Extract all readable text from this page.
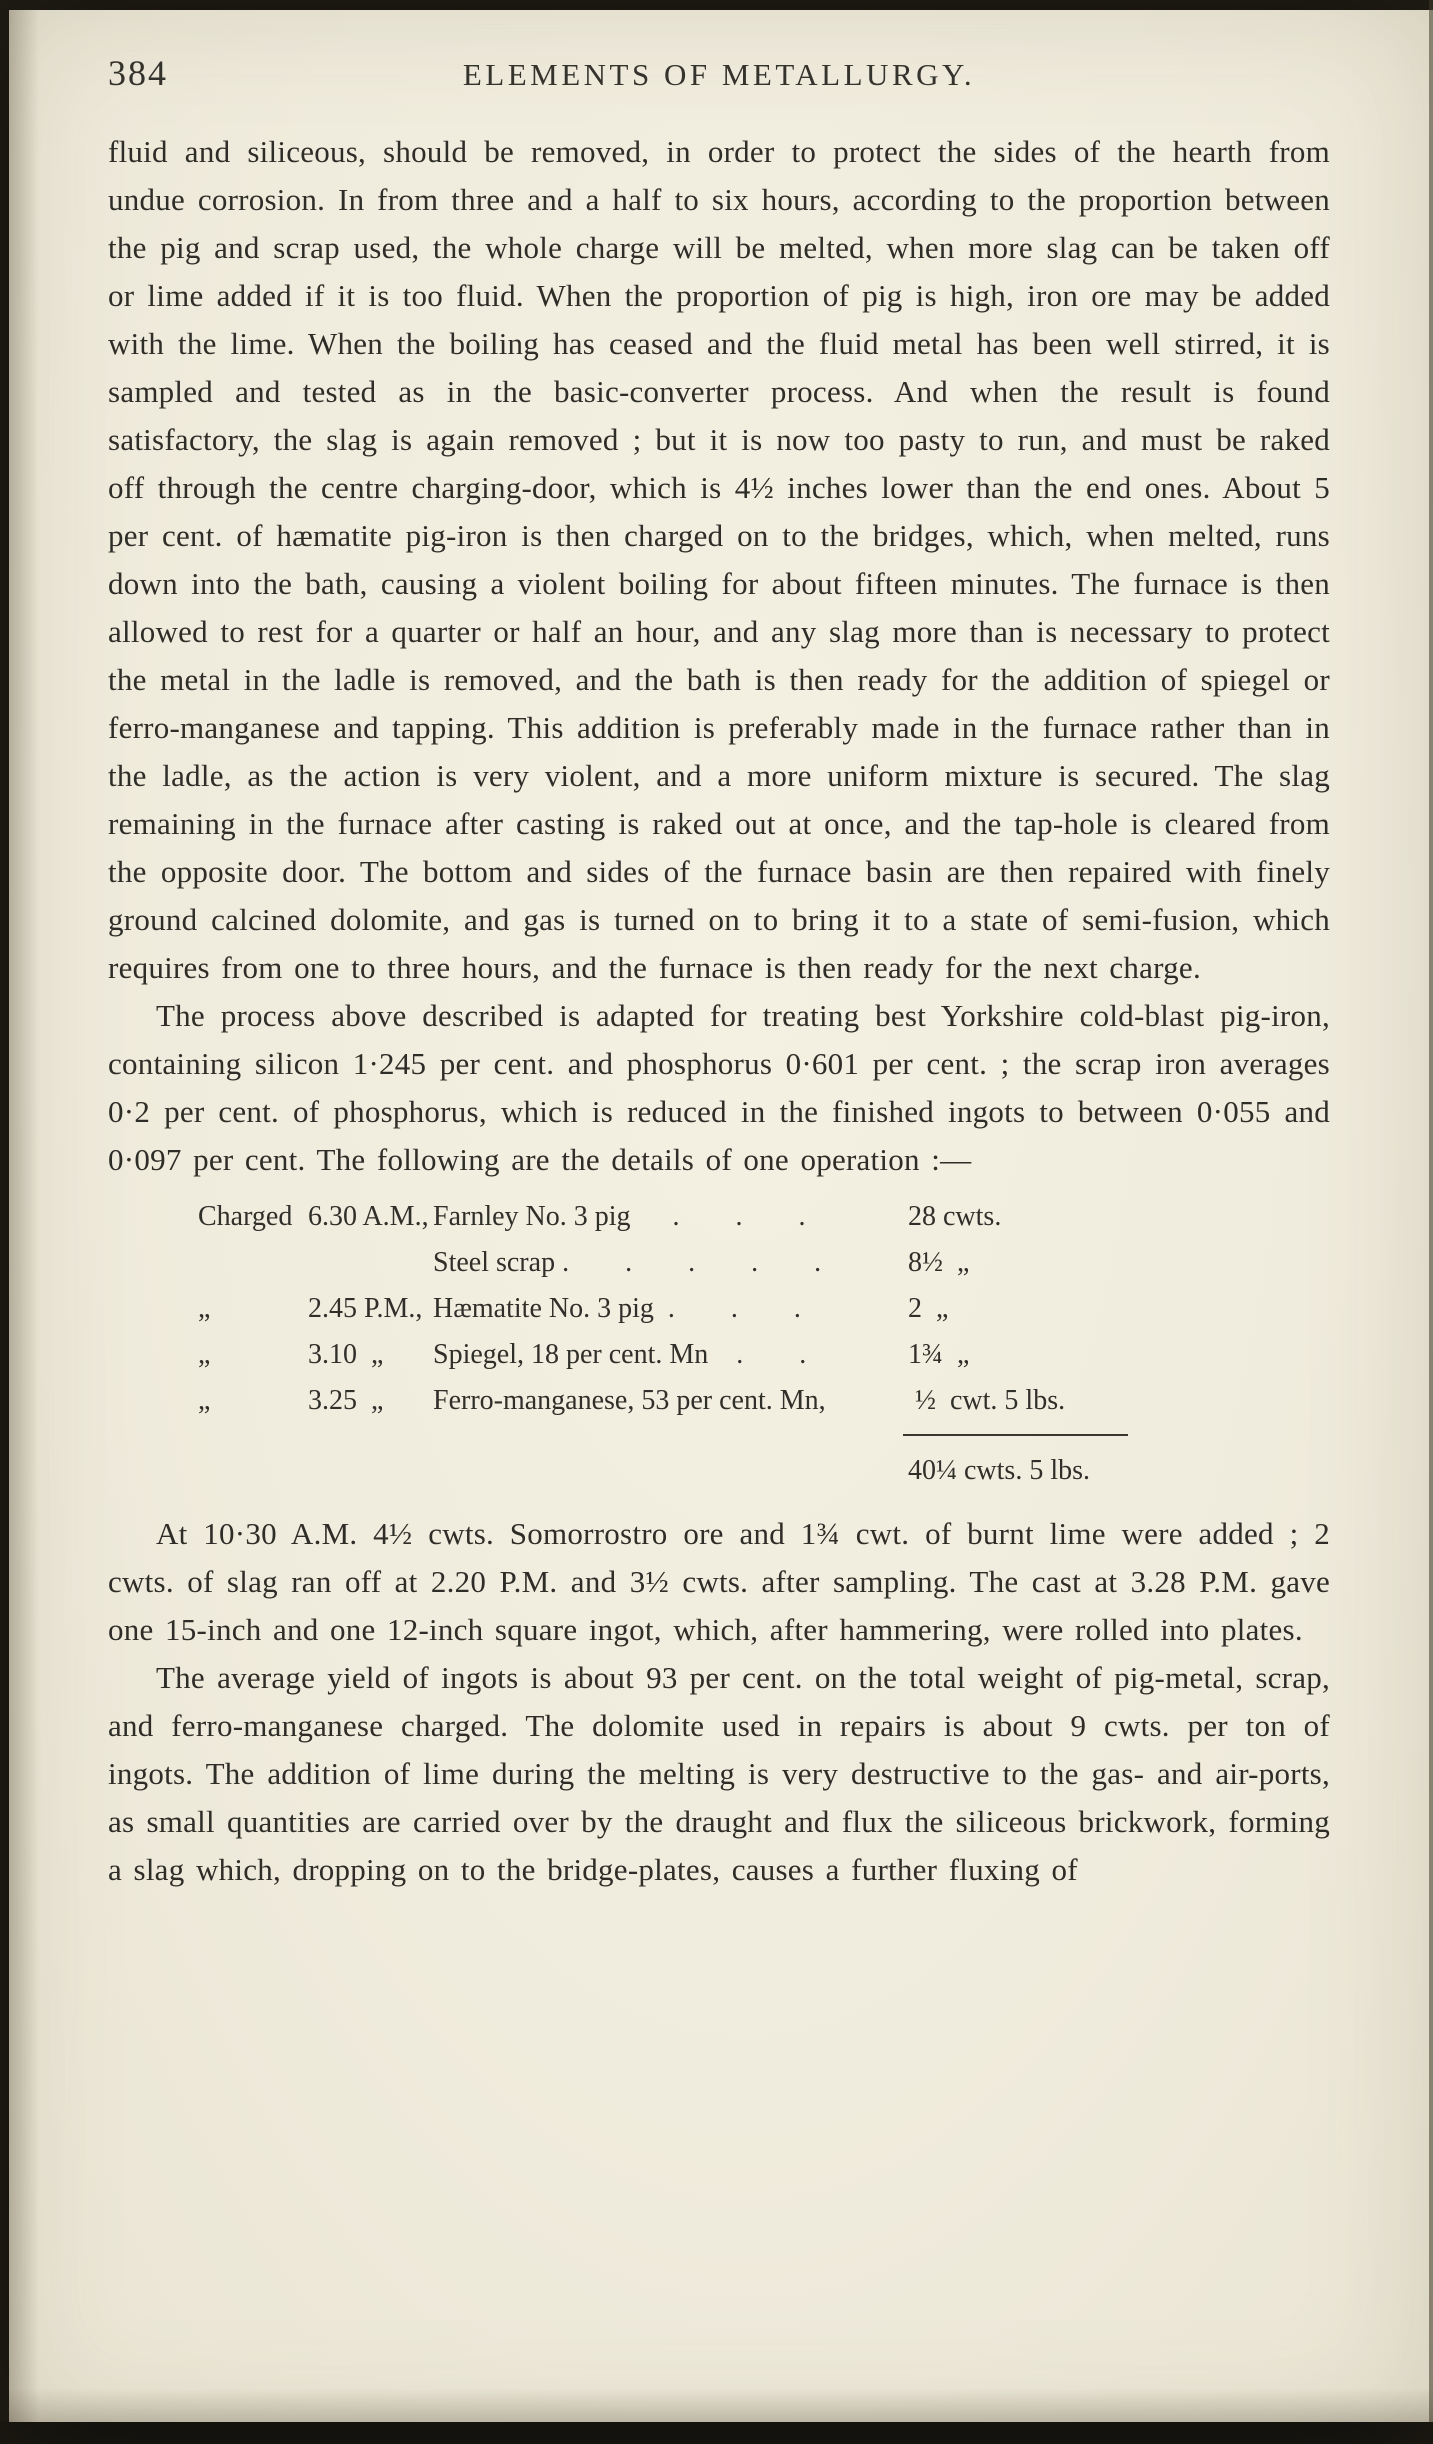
384	ELEMENTS OF METALLURGY.

fluid and siliceous, should be removed, in order to protect the sides of the hearth from undue corrosion. In from three and a half to six hours, according to the proportion between the pig and scrap used, the whole charge will be melted, when more slag can be taken off or lime added if it is too fluid. When the proportion of pig is high, iron ore may be added with the lime. When the boiling has ceased and the fluid metal has been well stirred, it is sampled and tested as in the basic-converter process. And when the result is found satisfactory, the slag is again removed ; but it is now too pasty to run, and must be raked off through the centre charging-door, which is 4½ inches lower than the end ones. About 5 per cent. of hæmatite pig-iron is then charged on to the bridges, which, when melted, runs down into the bath, causing a violent boiling for about fifteen minutes. The furnace is then allowed to rest for a quarter or half an hour, and any slag more than is necessary to protect the metal in the ladle is removed, and the bath is then ready for the addition of spiegel or ferro-manganese and tapping. This addition is preferably made in the furnace rather than in the ladle, as the action is very violent, and a more uniform mixture is secured. The slag remaining in the furnace after casting is raked out at once, and the tap-hole is cleared from the opposite door. The bottom and sides of the furnace basin are then repaired with finely ground calcined dolomite, and gas is turned on to bring it to a state of semi-fusion, which requires from one to three hours, and the furnace is then ready for the next charge.

The process above described is adapted for treating best Yorkshire cold-blast pig-iron, containing silicon 1·245 per cent. and phosphorus 0·601 per cent. ; the scrap iron averages 0·2 per cent. of phosphorus, which is reduced in the finished ingots to between 0·055 and 0·097 per cent. The following are the details of one operation :—

Charged 6.30 A.M., Farnley No. 3 pig      .        .        .	28 cwts.
Steel scrap .        .        .        .        .	8½  „
„	2.45 P.M., Hæmatite No. 3 pig  .        .        .	2  „
„	3.10  „	Spiegel, 18 per cent. Mn    .        .	1¾  „
„	3.25  „	Ferro-manganese, 53 per cent. Mn,	½  cwt. 5 lbs.
40¼ cwts. 5 lbs.

At 10·30 A.M. 4½ cwts. Somorrostro ore and 1¾ cwt. of burnt lime were added ; 2 cwts. of slag ran off at 2.20 P.M. and 3½ cwts. after sampling. The cast at 3.28 P.M. gave one 15-inch and one 12-inch square ingot, which, after hammering, were rolled into plates.

The average yield of ingots is about 93 per cent. on the total weight of pig-metal, scrap, and ferro-manganese charged. The dolomite used in repairs is about 9 cwts. per ton of ingots. The addition of lime during the melting is very destructive to the gas- and air-ports, as small quantities are carried over by the draught and flux the siliceous brickwork, forming a slag which, dropping on to the bridge-plates, causes a further fluxing of
